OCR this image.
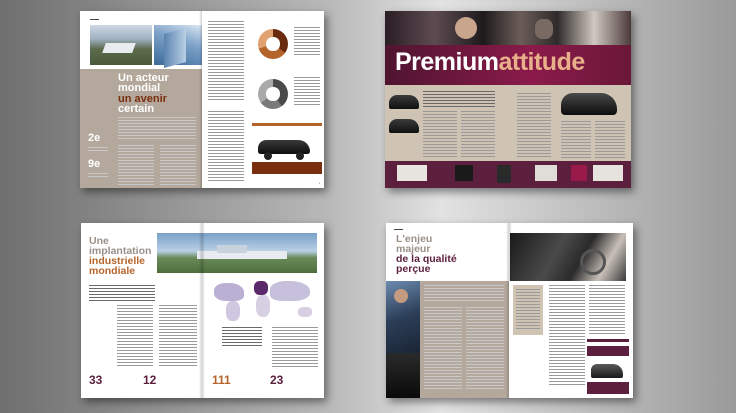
▬▬▬
Un acteur
mondial
un avenir
certain
2e
9e
▪
Premiumattitude
Une
implantation
industrielle
mondiale
33	12	111	23
▬▬▬
L'enjeu
majeur
de la qualité
perçue
